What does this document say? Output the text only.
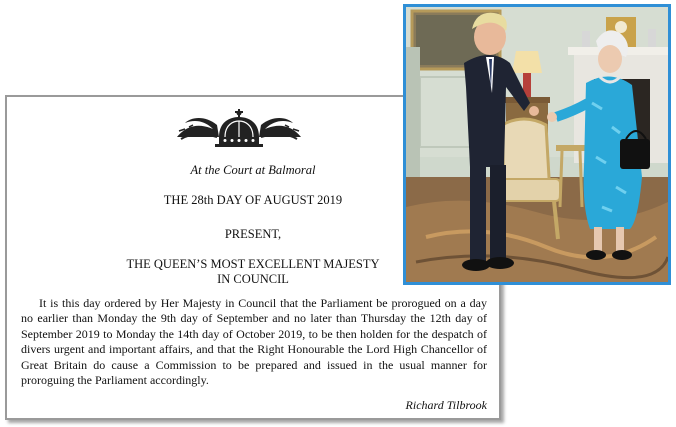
At the Court at Balmoral
THE 28th DAY OF AUGUST 2019
PRESENT,
THE QUEEN’S MOST EXCELLENT MAJESTY
IN COUNCIL
It is this day ordered by Her Majesty in Council that the Parliament be prorogued on a day no earlier than Monday the 9th day of September and no later than Thursday the 12th day of September 2019 to Monday the 14th day of October 2019, to be then holden for the despatch of divers urgent and important affairs, and that the Right Honourable the Lord High Chancellor of Great Britain do cause a Commission to be prepared and issued in the usual manner for proroguing the Parliament accordingly.
Richard Tilbrook
